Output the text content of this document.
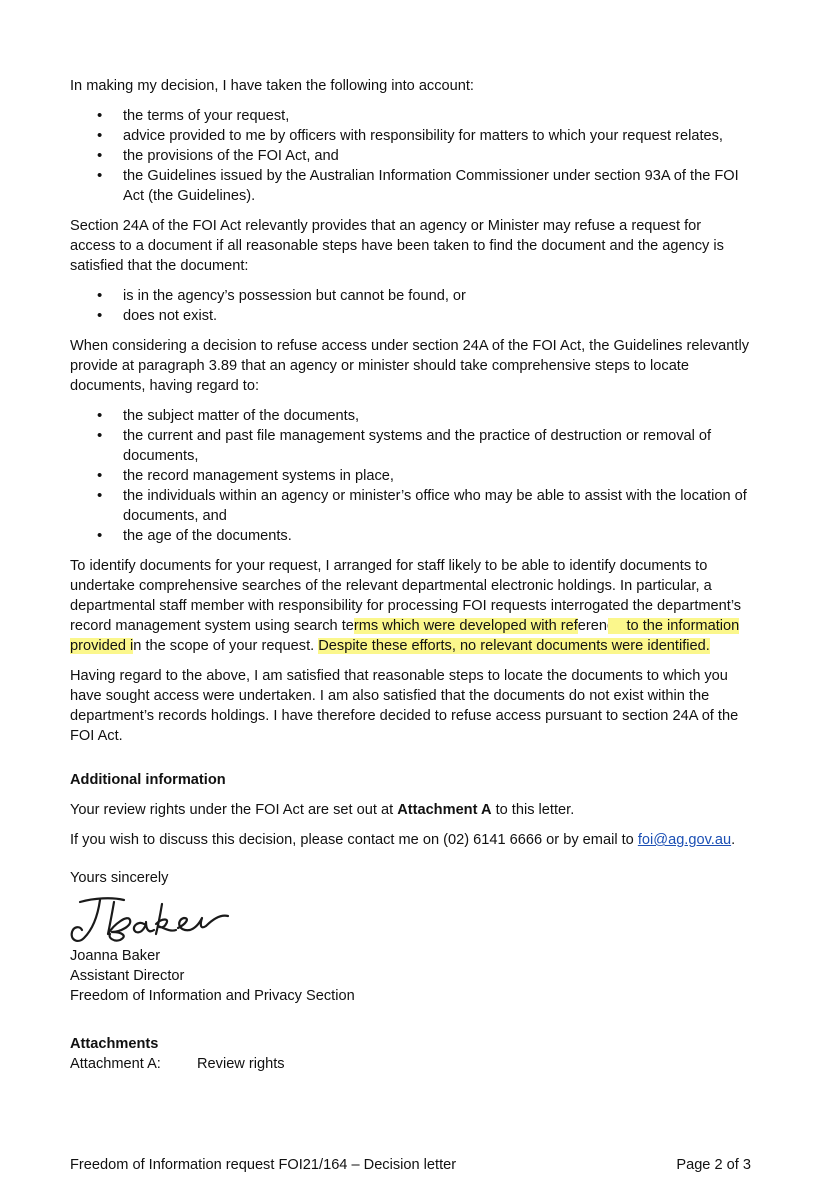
In making my decision, I have taken the following into account:

• the terms of your request,
• advice provided to me by officers with responsibility for matters to which your request relates,
• the provisions of the FOI Act, and
• the Guidelines issued by the Australian Information Commissioner under section 93A of the FOI Act (the Guidelines).

Section 24A of the FOI Act relevantly provides that an agency or Minister may refuse a request for access to a document if all reasonable steps have been taken to find the document and the agency is satisfied that the document:

• is in the agency’s possession but cannot be found, or
• does not exist.

When considering a decision to refuse access under section 24A of the FOI Act, the Guidelines relevantly provide at paragraph 3.89 that an agency or minister should take comprehensive steps to locate documents, having regard to:

• the subject matter of the documents,
• the current and past file management systems and the practice of destruction or removal of documents,
• the record management systems in place,
• the individuals within an agency or minister’s office who may be able to assist with the location of documents, and
• the age of the documents.

To identify documents for your request, I arranged for staff likely to be able to identify documents to undertake comprehensive searches of the relevant departmental electronic holdings. In particular, a departmental staff member with responsibility for processing FOI requests interrogated the department’s record management system using search terms which were developed with reference to the information provided in the scope of your request. Despite these efforts, no relevant documents were identified.

Having regard to the above, I am satisfied that reasonable steps to locate the documents to which you have sought access were undertaken. I am also satisfied that the documents do not exist within the department’s records holdings. I have therefore decided to refuse access pursuant to section 24A of the FOI Act.

Additional information

Your review rights under the FOI Act are set out at Attachment A to this letter.

If you wish to discuss this decision, please contact me on (02) 6141 6666 or by email to foi@ag.gov.au.

Yours sincerely

Joanna Baker
Assistant Director
Freedom of Information and Privacy Section

Attachments

Attachment A: Review rights
Freedom of Information request FOI21/164 – Decision letter	Page 2 of 3
